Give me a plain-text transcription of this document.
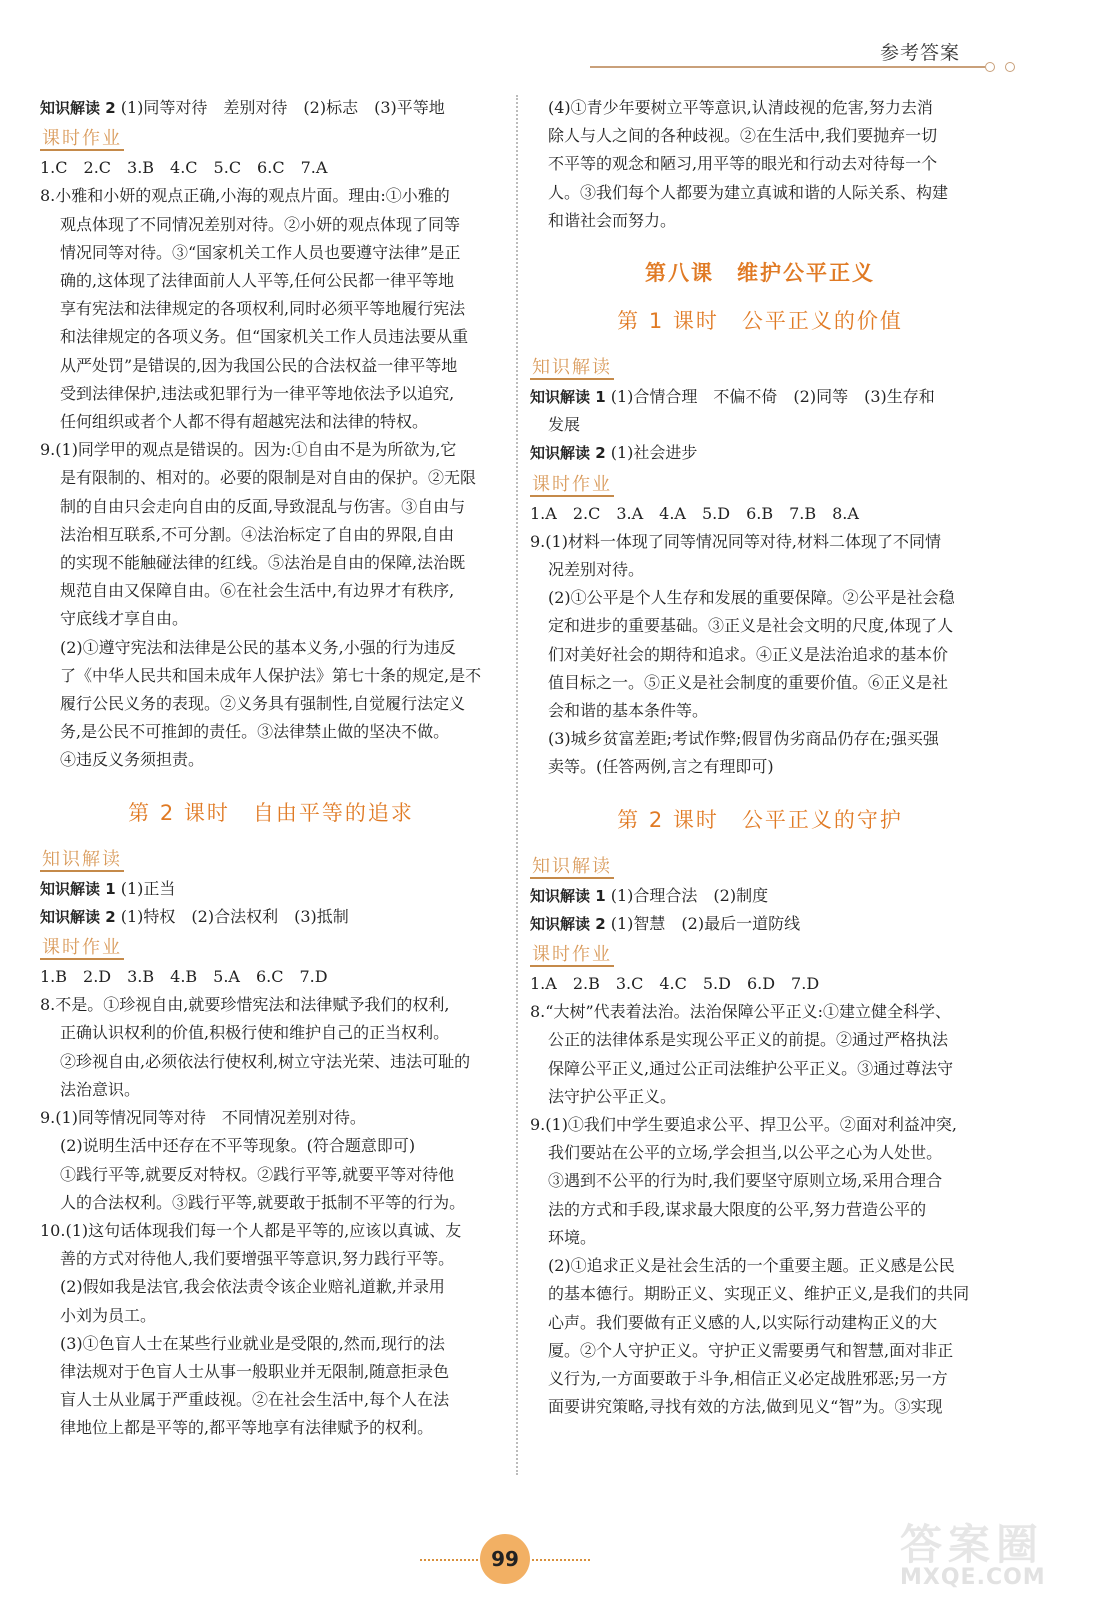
参考答案

知识解读 2 (1)同等对待　差别对待　(2)标志　(3)平等地

课时作业

1.C　2.C　3.B　4.C　5.C　6.C　7.A

8.小雅和小妍的观点正确,小海的观点片面。理由:①小雅的

观点体现了不同情况差别对待。②小妍的观点体现了同等

情况同等对待。③“国家机关工作人员也要遵守法律”是正

确的,这体现了法律面前人人平等,任何公民都一律平等地

享有宪法和法律规定的各项权利,同时必须平等地履行宪法

和法律规定的各项义务。但“国家机关工作人员违法要从重

从严处罚”是错误的,因为我国公民的合法权益一律平等地

受到法律保护,违法或犯罪行为一律平等地依法予以追究,

任何组织或者个人都不得有超越宪法和法律的特权。

9.(1)同学甲的观点是错误的。因为:①自由不是为所欲为,它

是有限制的、相对的。必要的限制是对自由的保护。②无限

制的自由只会走向自由的反面,导致混乱与伤害。③自由与

法治相互联系,不可分割。④法治标定了自由的界限,自由

的实现不能触碰法律的红线。⑤法治是自由的保障,法治既

规范自由又保障自由。⑥在社会生活中,有边界才有秩序,

守底线才享自由。

(2)①遵守宪法和法律是公民的基本义务,小强的行为违反

了《中华人民共和国未成年人保护法》第七十条的规定,是不

履行公民义务的表现。②义务具有强制性,自觉履行法定义

务,是公民不可推卸的责任。③法律禁止做的坚决不做。

④违反义务须担责。

第 2 课时　自由平等的追求
知识解读

知识解读 1 (1)正当

知识解读 2 (1)特权　(2)合法权利　(3)抵制

课时作业

1.B　2.D　3.B　4.B　5.A　6.C　7.D

8.不是。①珍视自由,就要珍惜宪法和法律赋予我们的权利,

正确认识权利的价值,积极行使和维护自己的正当权利。

②珍视自由,必须依法行使权利,树立守法光荣、违法可耻的

法治意识。

9.(1)同等情况同等对待　不同情况差别对待。

(2)说明生活中还存在不平等现象。(符合题意即可)

①践行平等,就要反对特权。②践行平等,就要平等对待他

人的合法权利。③践行平等,就要敢于抵制不平等的行为。

10.(1)这句话体现我们每一个人都是平等的,应该以真诚、友

善的方式对待他人,我们要增强平等意识,努力践行平等。

(2)假如我是法官,我会依法责令该企业赔礼道歉,并录用

小刘为员工。

(3)①色盲人士在某些行业就业是受限的,然而,现行的法

律法规对于色盲人士从事一般职业并无限制,随意拒录色

盲人士从业属于严重歧视。②在社会生活中,每个人在法

律地位上都是平等的,都平等地享有法律赋予的权利。

(4)①青少年要树立平等意识,认清歧视的危害,努力去消

除人与人之间的各种歧视。②在生活中,我们要抛弃一切

不平等的观念和陋习,用平等的眼光和行动去对待每一个

人。③我们每个人都要为建立真诚和谐的人际关系、构建

和谐社会而努力。

第八课　维护公平正义
第 1 课时　公平正义的价值
知识解读

知识解读 1 (1)合情合理　不偏不倚　(2)同等　(3)生存和

发展

知识解读 2 (1)社会进步

课时作业

1.A　2.C　3.A　4.A　5.D　6.B　7.B　8.A

9.(1)材料一体现了同等情况同等对待,材料二体现了不同情

况差别对待。

(2)①公平是个人生存和发展的重要保障。②公平是社会稳

定和进步的重要基础。③正义是社会文明的尺度,体现了人

们对美好社会的期待和追求。④正义是法治追求的基本价

值目标之一。⑤正义是社会制度的重要价值。⑥正义是社

会和谐的基本条件等。

(3)城乡贫富差距;考试作弊;假冒伪劣商品仍存在;强买强

卖等。(任答两例,言之有理即可)

第 2 课时　公平正义的守护
知识解读

知识解读 1 (1)合理合法　(2)制度

知识解读 2 (1)智慧　(2)最后一道防线

课时作业

1.A　2.B　3.C　4.C　5.D　6.D　7.D

8.“大树”代表着法治。法治保障公平正义:①建立健全科学、

公正的法律体系是实现公平正义的前提。②通过严格执法

保障公平正义,通过公正司法维护公平正义。③通过尊法守

法守护公平正义。

9.(1)①我们中学生要追求公平、捍卫公平。②面对利益冲突,

我们要站在公平的立场,学会担当,以公平之心为人处世。

③遇到不公平的行为时,我们要坚守原则立场,采用合理合

法的方式和手段,谋求最大限度的公平,努力营造公平的

环境。

(2)①追求正义是社会生活的一个重要主题。正义感是公民

的基本德行。期盼正义、实现正义、维护正义,是我们的共同

心声。我们要做有正义感的人,以实际行动建构正义的大

厦。②个人守护正义。守护正义需要勇气和智慧,面对非正

义行为,一方面要敢于斗争,相信正义必定战胜邪恶;另一方

面要讲究策略,寻找有效的方法,做到见义“智”为。③实现

99	答案圈
MXQE.COM
